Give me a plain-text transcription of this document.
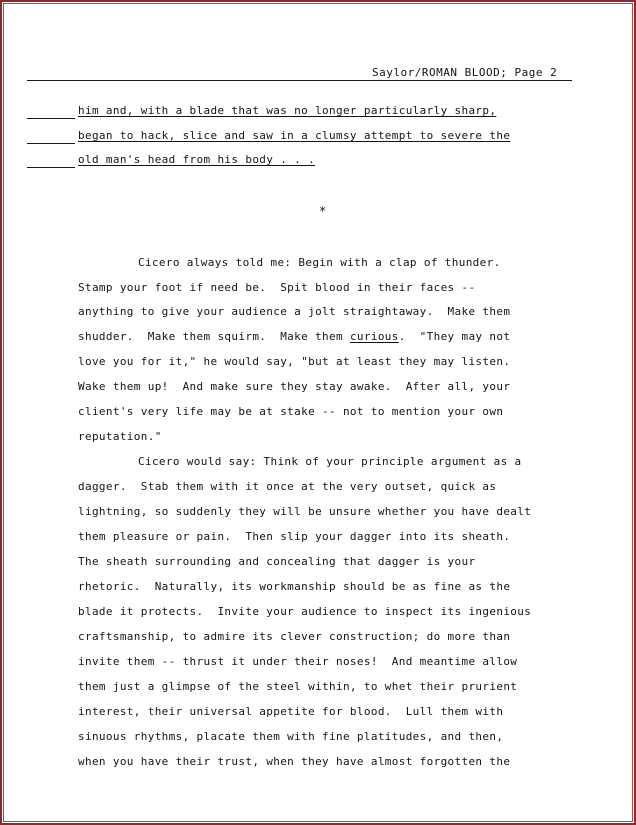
Saylor/ROMAN BLOOD; Page 2
him and, with a blade that was no longer particularly sharp,
began to hack, slice and saw in a clumsy attempt to severe the
old man's head from his body . . .
*
Cicero always told me: Begin with a clap of thunder.
Stamp your foot if need be.  Spit blood in their faces --
anything to give your audience a jolt straightaway.  Make them
shudder.  Make them squirm.  Make them curious.  "They may not
love you for it," he would say, "but at least they may listen.
Wake them up!  And make sure they stay awake.  After all, your
client's very life may be at stake -- not to mention your own
reputation."
Cicero would say: Think of your principle argument as a
dagger.  Stab them with it once at the very outset, quick as
lightning, so suddenly they will be unsure whether you have dealt
them pleasure or pain.  Then slip your dagger into its sheath.
The sheath surrounding and concealing that dagger is your
rhetoric.  Naturally, its workmanship should be as fine as the
blade it protects.  Invite your audience to inspect its ingenious
craftsmanship, to admire its clever construction; do more than
invite them -- thrust it under their noses!  And meantime allow
them just a glimpse of the steel within, to whet their prurient
interest, their universal appetite for blood.  Lull them with
sinuous rhythms, placate them with fine platitudes, and then,
when you have their trust, when they have almost forgotten the
